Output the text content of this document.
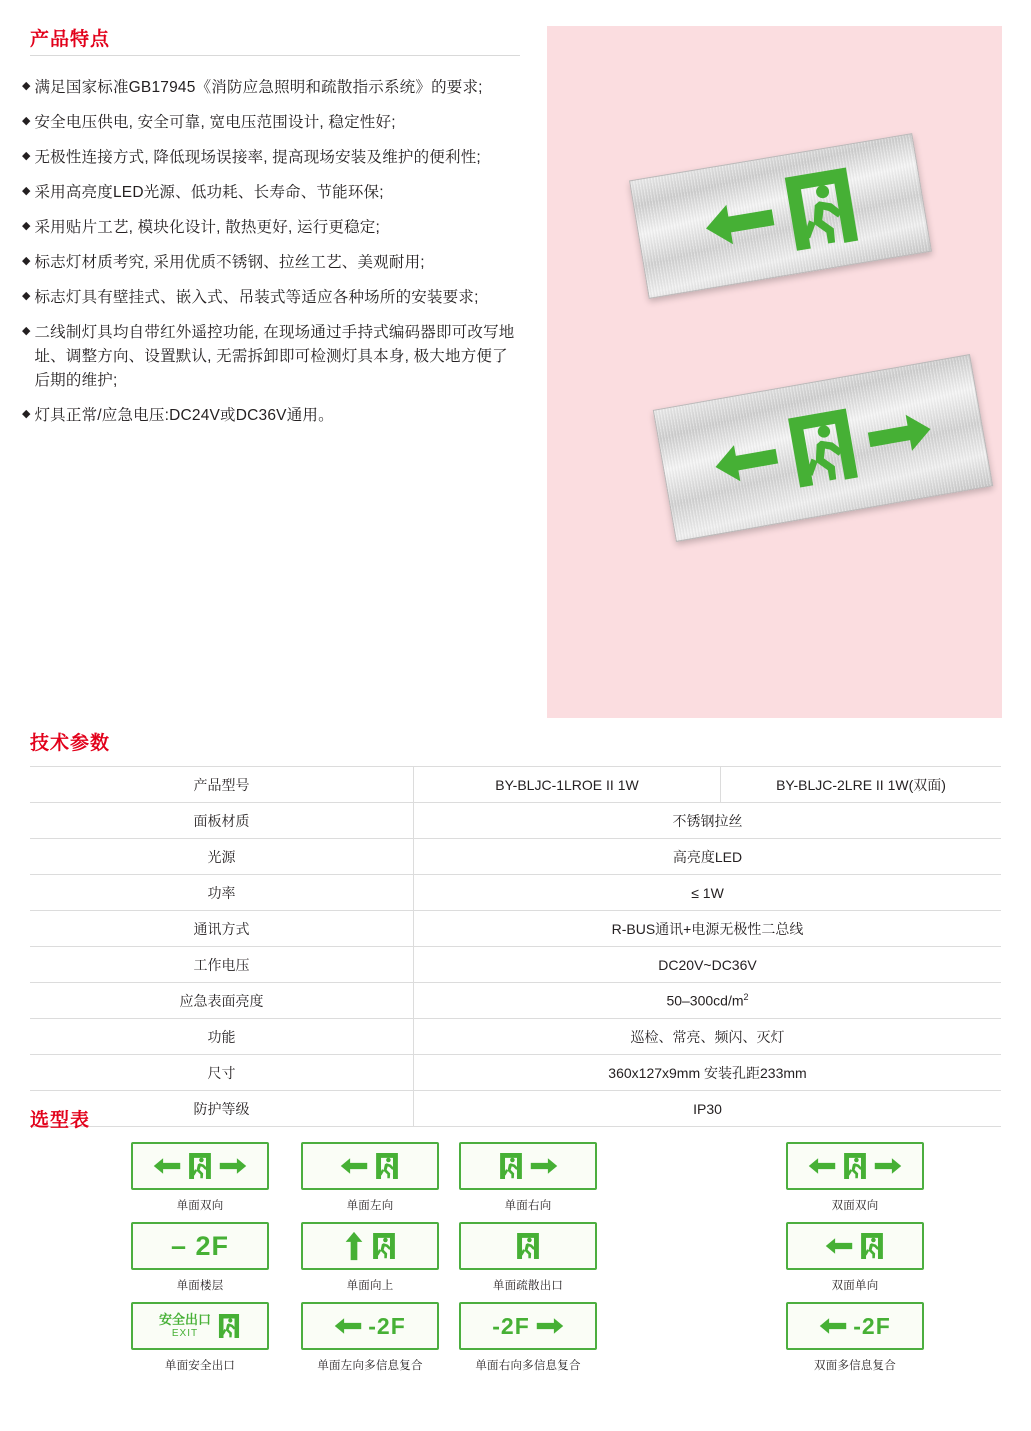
产品特点
◆ 满足国家标准GB17945《消防应急照明和疏散指示系统》的要求;
◆ 安全电压供电, 安全可靠, 宽电压范围设计, 稳定性好;
◆ 无极性连接方式, 降低现场误接率, 提高现场安装及维护的便利性;
◆ 采用高亮度LED光源、低功耗、长寿命、节能环保;
◆ 采用贴片工艺, 模块化设计, 散热更好, 运行更稳定;
◆ 标志灯材质考究, 采用优质不锈钢、拉丝工艺、美观耐用;
◆ 标志灯具有壁挂式、嵌入式、吊装式等适应各种场所的安装要求;
◆ 二线制灯具均自带红外遥控功能, 在现场通过手持式编码器即可改写地址、调整方向、设置默认, 无需拆卸即可检测灯具本身, 极大地方便了后期的维护;
◆ 灯具正常/应急电压:DC24V或DC36V通用。
技术参数
产品型号	BY-BLJC-1LROE II 1W	BY-BLJC-2LRE II 1W(双面)
面板材质	不锈钢拉丝	
光源	高亮度LED	
功率	≤ 1W	
通讯方式	R-BUS通讯+电源无极性二总线	
工作电压	DC20V~DC36V	
应急表面亮度	$50-300cd/m^2$
功能	巡检、常亮、频闪、灭灯	
尺寸	360x127x9mm 安装孔距233mm	
防护等级	IP30	
选型表
单面双向	单面左向	单面右向	双面双向
– 2F
单面楼层	单面向上	单面疏散出口	双面单向
安全出口
EXIT
单面安全出口
-2F
单面左向多信息复合
-2F
单面右向多信息复合
-2F
双面多信息复合
